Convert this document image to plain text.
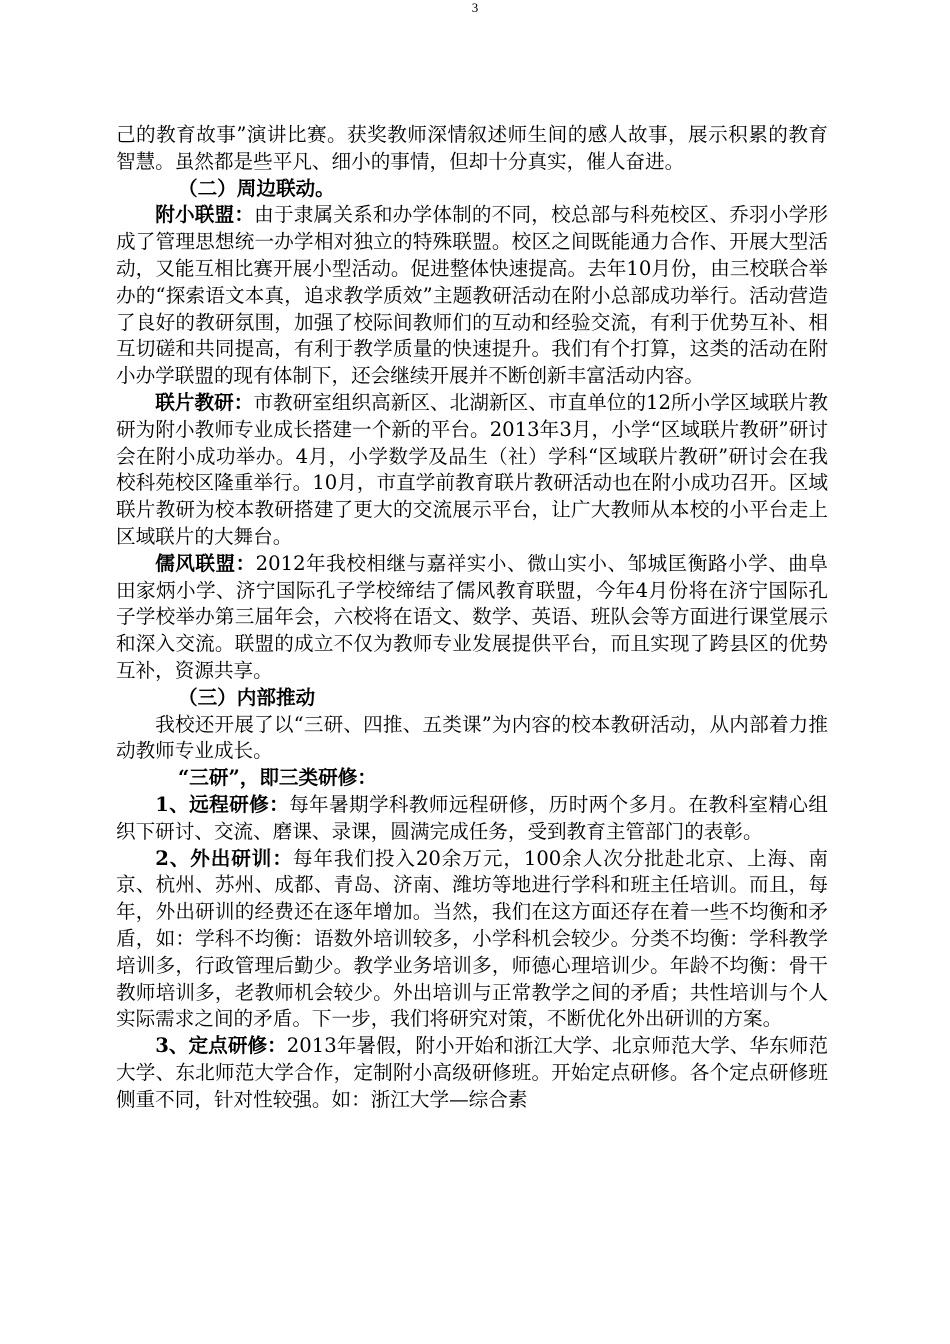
3

己的教育故事”演讲比赛。获奖教师深情叙述师生间的感人故事，展示积累的教育智慧。虽然都是些平凡、细小的事情，但却十分真实，催人奋进。

（二）周边联动。

附小联盟：由于隶属关系和办学体制的不同，校总部与科苑校区、乔羽小学形成了管理思想统一办学相对独立的特殊联盟。校区之间既能通力合作、开展大型活动，又能互相比赛开展小型活动。促进整体快速提高。去年10月份，由三校联合举办的“探索语文本真，追求教学质效”主题教研活动在附小总部成功举行。活动营造了良好的教研氛围，加强了校际间教师们的互动和经验交流，有利于优势互补、相互切磋和共同提高，有利于教学质量的快速提升。我们有个打算，这类的活动在附小办学联盟的现有体制下，还会继续开展并不断创新丰富活动内容。

联片教研：市教研室组织高新区、北湖新区、市直单位的12所小学区域联片教研为附小教师专业成长搭建一个新的平台。2013年3月，小学“区域联片教研”研讨会在附小成功举办。4月，小学数学及品生（社）学科“区域联片教研”研讨会在我校科苑校区隆重举行。10月，市直学前教育联片教研活动也在附小成功召开。区域联片教研为校本教研搭建了更大的交流展示平台，让广大教师从本校的小平台走上区域联片的大舞台。

儒风联盟：2012年我校相继与嘉祥实小、微山实小、邹城匡衡路小学、曲阜田家炳小学、济宁国际孔子学校缔结了儒风教育联盟，今年4月份将在济宁国际孔子学校举办第三届年会，六校将在语文、数学、英语、班队会等方面进行课堂展示和深入交流。联盟的成立不仅为教师专业发展提供平台，而且实现了跨县区的优势互补，资源共享。

（三）内部推动

我校还开展了以“三研、四推、五类课”为内容的校本教研活动，从内部着力推动教师专业成长。

“三研”，即三类研修：

1、远程研修：每年暑期学科教师远程研修，历时两个多月。在教科室精心组织下研讨、交流、磨课、录课，圆满完成任务，受到教育主管部门的表彰。

2、外出研训：每年我们投入20余万元，100余人次分批赴北京、上海、南京、杭州、苏州、成都、青岛、济南、潍坊等地进行学科和班主任培训。而且，每年，外出研训的经费还在逐年增加。当然，我们在这方面还存在着一些不均衡和矛盾，如：学科不均衡：语数外培训较多，小学科机会较少。分类不均衡：学科教学培训多，行政管理后勤少。教学业务培训多，师德心理培训少。年龄不均衡：骨干教师培训多，老教师机会较少。外出培训与正常教学之间的矛盾；共性培训与个人实际需求之间的矛盾。下一步，我们将研究对策，不断优化外出研训的方案。

3、定点研修：2013年暑假，附小开始和浙江大学、北京师范大学、华东师范大学、东北师范大学合作，定制附小高级研修班。开始定点研修。各个定点研修班侧重不同，针对性较强。如：浙江大学—综合素
